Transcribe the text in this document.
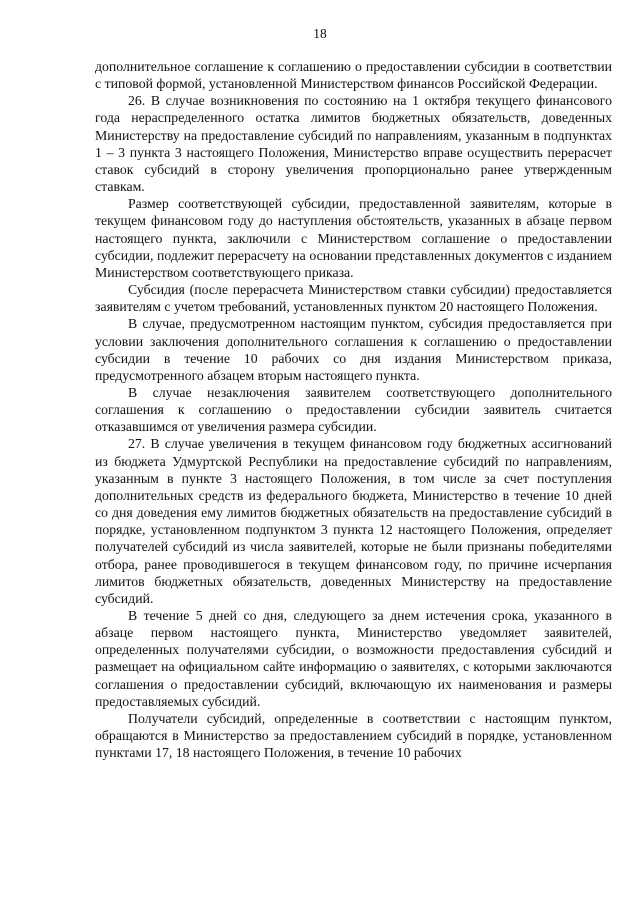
18

дополнительное соглашение к соглашению о предоставлении субсидии в соответствии с типовой формой, установленной Министерством финансов Российской Федерации.

26. В случае возникновения по состоянию на 1 октября текущего финансового года нераспределенного остатка лимитов бюджетных обязательств, доведенных Министерству на предоставление субсидий по направлениям, указанным в подпунктах 1 – 3 пункта 3 настоящего Положения, Министерство вправе осуществить перерасчет ставок субсидий в сторону увеличения пропорционально ранее утвержденным ставкам.

Размер соответствующей субсидии, предоставленной заявителям, которые в текущем финансовом году до наступления обстоятельств, указанных в абзаце первом настоящего пункта, заключили с Министерством соглашение о предоставлении субсидии, подлежит перерасчету на основании представленных документов с изданием Министерством соответствующего приказа.

Субсидия (после перерасчета Министерством ставки субсидии) предоставляется заявителям с учетом требований, установленных пунктом 20 настоящего Положения.

В случае, предусмотренном настоящим пунктом, субсидия предоставляется при условии заключения дополнительного соглашения к соглашению о предоставлении субсидии в течение 10 рабочих со дня издания Министерством приказа, предусмотренного абзацем вторым настоящего пункта.

В случае незаключения заявителем соответствующего дополнительного соглашения к соглашению о предоставлении субсидии заявитель считается отказавшимся от увеличения размера субсидии.

27. В случае увеличения в текущем финансовом году бюджетных ассигнований из бюджета Удмуртской Республики на предоставление субсидий по направлениям, указанным в пункте 3 настоящего Положения, в том числе за счет поступления дополнительных средств из федерального бюджета, Министерство в течение 10 дней со дня доведения ему лимитов бюджетных обязательств на предоставление субсидий в порядке, установленном подпунктом 3 пункта 12 настоящего Положения, определяет получателей субсидий из числа заявителей, которые не были признаны победителями отбора, ранее проводившегося в текущем финансовом году, по причине исчерпания лимитов бюджетных обязательств, доведенных Министерству на предоставление субсидий.

В течение 5 дней со дня, следующего за днем истечения срока, указанного в абзаце первом настоящего пункта, Министерство уведомляет заявителей, определенных получателями субсидии, о возможности предоставления субсидий и размещает на официальном сайте информацию о заявителях, с которыми заключаются соглашения о предоставлении субсидий, включающую их наименования и размеры предоставляемых субсидий.

Получатели субсидий, определенные в соответствии с настоящим пунктом, обращаются в Министерство за предоставлением субсидий в порядке, установленном пунктами 17, 18 настоящего Положения, в течение 10 рабочих
